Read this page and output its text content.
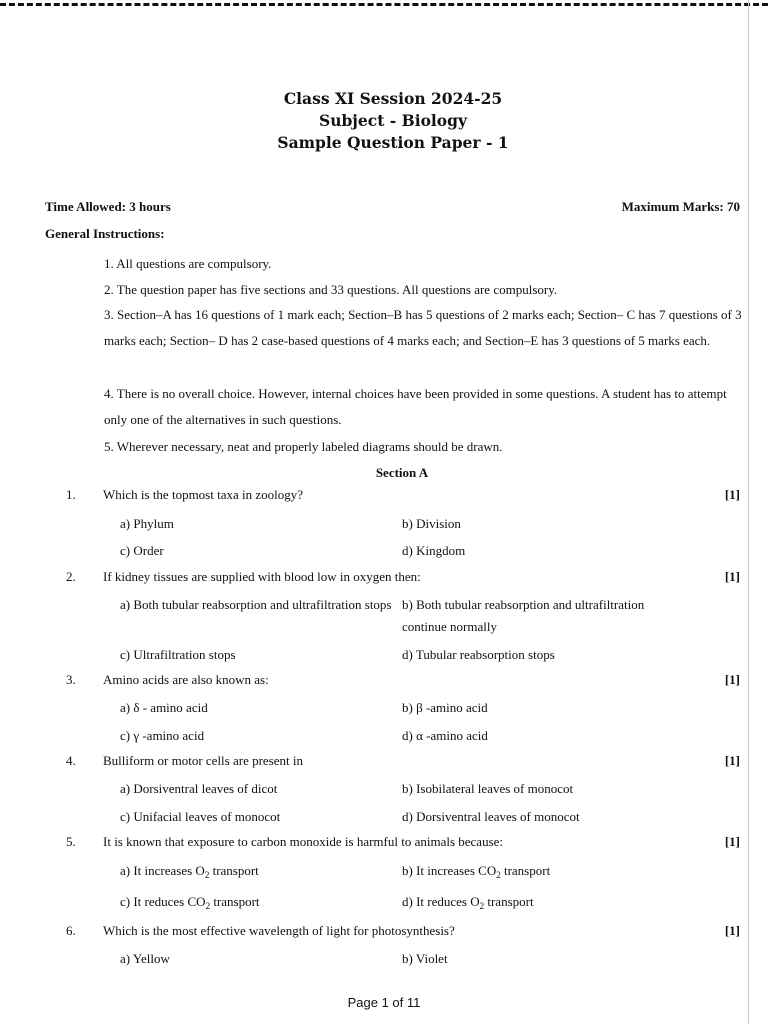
Class XI Session 2024-25
Subject - Biology
Sample Question Paper - 1
Time Allowed: 3 hours	Maximum Marks: 70
General Instructions:
1. All questions are compulsory.
2. The question paper has five sections and 33 questions. All questions are compulsory.
3. Section–A has 16 questions of 1 mark each; Section–B has 5 questions of 2 marks each; Section– C has 7 questions of 3 marks each; Section– D has 2 case-based questions of 4 marks each; and Section–E has 3 questions of 5 marks each.
4. There is no overall choice. However, internal choices have been provided in some questions. A student has to attempt only one of the alternatives in such questions.
5. Wherever necessary, neat and properly labeled diagrams should be drawn.
Section A
1. Which is the topmost taxa in zoology?	[1]
a) Phylum	b) Division
c) Order	d) Kingdom
2. If kidney tissues are supplied with blood low in oxygen then:	[1]
a) Both tubular reabsorption and ultrafiltration stops b) Both tubular reabsorption and ultrafiltration continue normally
c) Ultrafiltration stops	d) Tubular reabsorption stops
3. Amino acids are also known as:	[1]
a) δ - amino acid	b) β -amino acid
c) γ -amino acid	d) α -amino acid
4. Bulliform or motor cells are present in	[1]
a) Dorsiventral leaves of dicot	b) Isobilateral leaves of monocot
c) Unifacial leaves of monocot	d) Dorsiventral leaves of monocot
5. It is known that exposure to carbon monoxide is harmful to animals because:	[1]
a) It increases $O_2$ transport	b) It increases $CO_2$ transport
c) It reduces $CO_2$ transport	d) It reduces $O_2$ transport
6. Which is the most effective wavelength of light for photosynthesis?	[1]
a) Yellow	b) Violet
Page 1 of 11
